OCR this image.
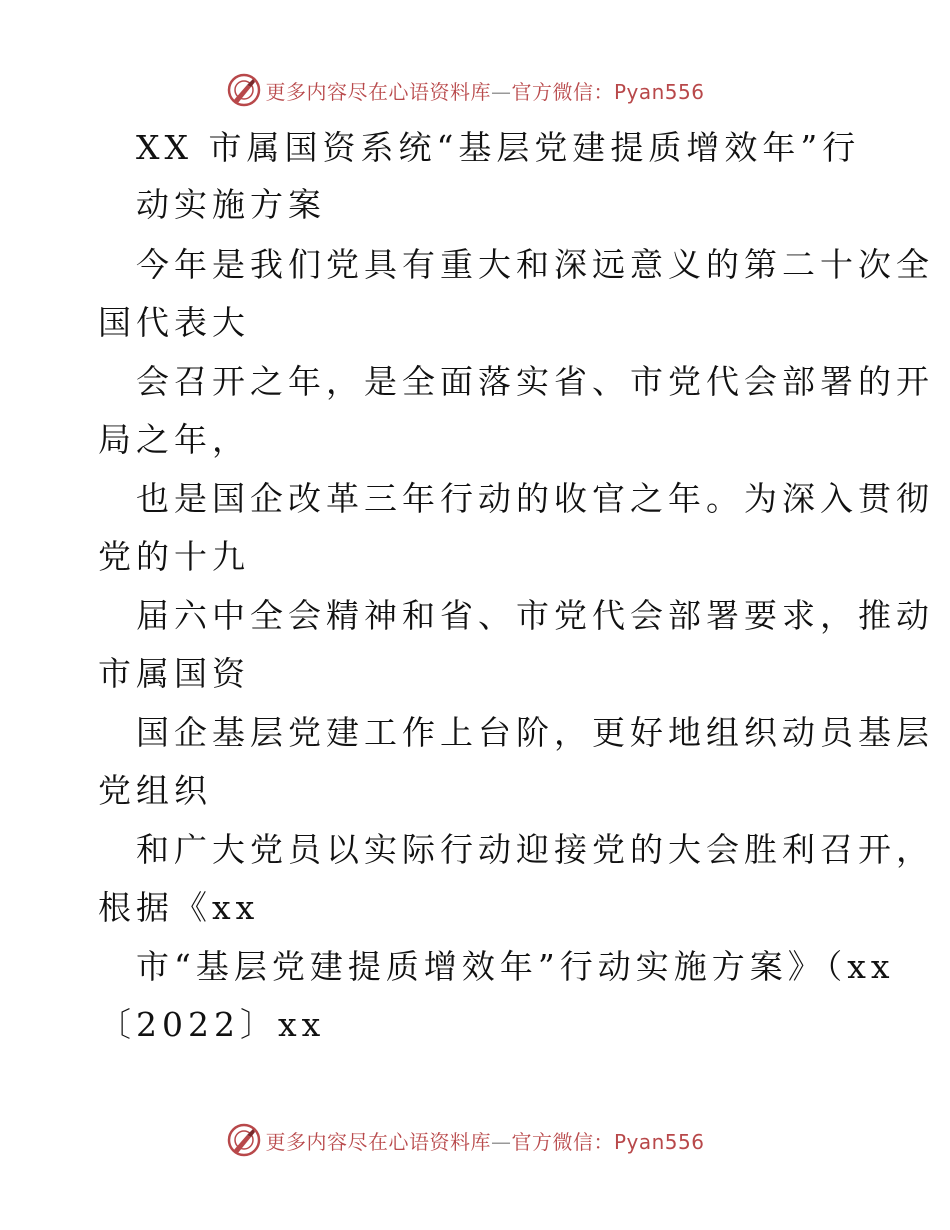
更多内容尽在心语资料库—官方微信：Pyan556
XX 市属国资系统“基层党建提质增效年”行
动实施方案
今年是我们党具有重大和深远意义的第二十次全
国代表大
会召开之年，是全面落实省、市党代会部署的开
局之年，
也是国企改革三年行动的收官之年。为深入贯彻
党的十九
届六中全会精神和省、市党代会部署要求，推动
市属国资
国企基层党建工作上台阶，更好地组织动员基层
党组织
和广大党员以实际行动迎接党的大会胜利召开，
根据《xx
市“基层党建提质增效年”行动实施方案》（xx
〔2022〕xx
更多内容尽在心语资料库—官方微信：Pyan556
